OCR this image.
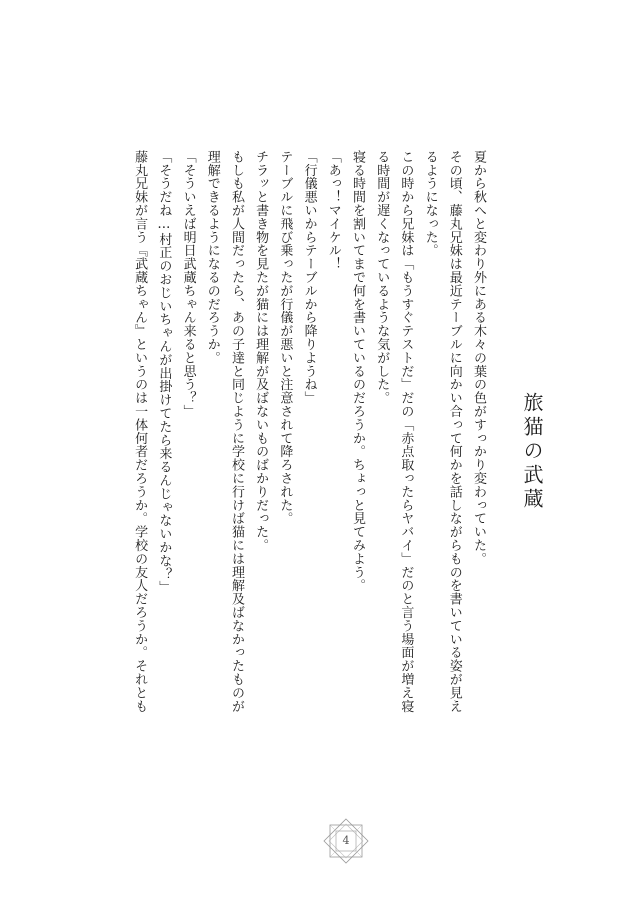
旅猫の武蔵

夏から秋へと変わり外にある木々の葉の色がすっかり変わっていた。

その頃、藤丸兄妹は最近テーブルに向かい合って何かを話しながらものを書いている姿が見え

るようになった。

この時から兄妹は「もうすぐテストだ」だの「赤点取ったらヤバイ」だのと言う場面が増え寝

る時間が遅くなっているような気がした。

寝る時間を割いてまで何を書いているのだろうか。ちょっと見てみよう。

「あっ！マイケル！

「行儀悪いからテーブルから降りようね」

テーブルに飛び乗ったが行儀が悪いと注意されて降ろされた。

チラッと書き物を見たが猫には理解が及ばないものばかりだった。

もしも私が人間だったら、あの子達と同じように学校に行けば猫には理解及ばなかったものが

理解できるようになるのだろうか。

「そういえば明日武蔵ちゃん来ると思う？」

「そうだね…村正のおじいちゃんが出掛けてたら来るんじゃないかな？」

藤丸兄妹が言う『武蔵ちゃん』というのは一体何者だろうか。学校の友人だろうか。それとも

4
